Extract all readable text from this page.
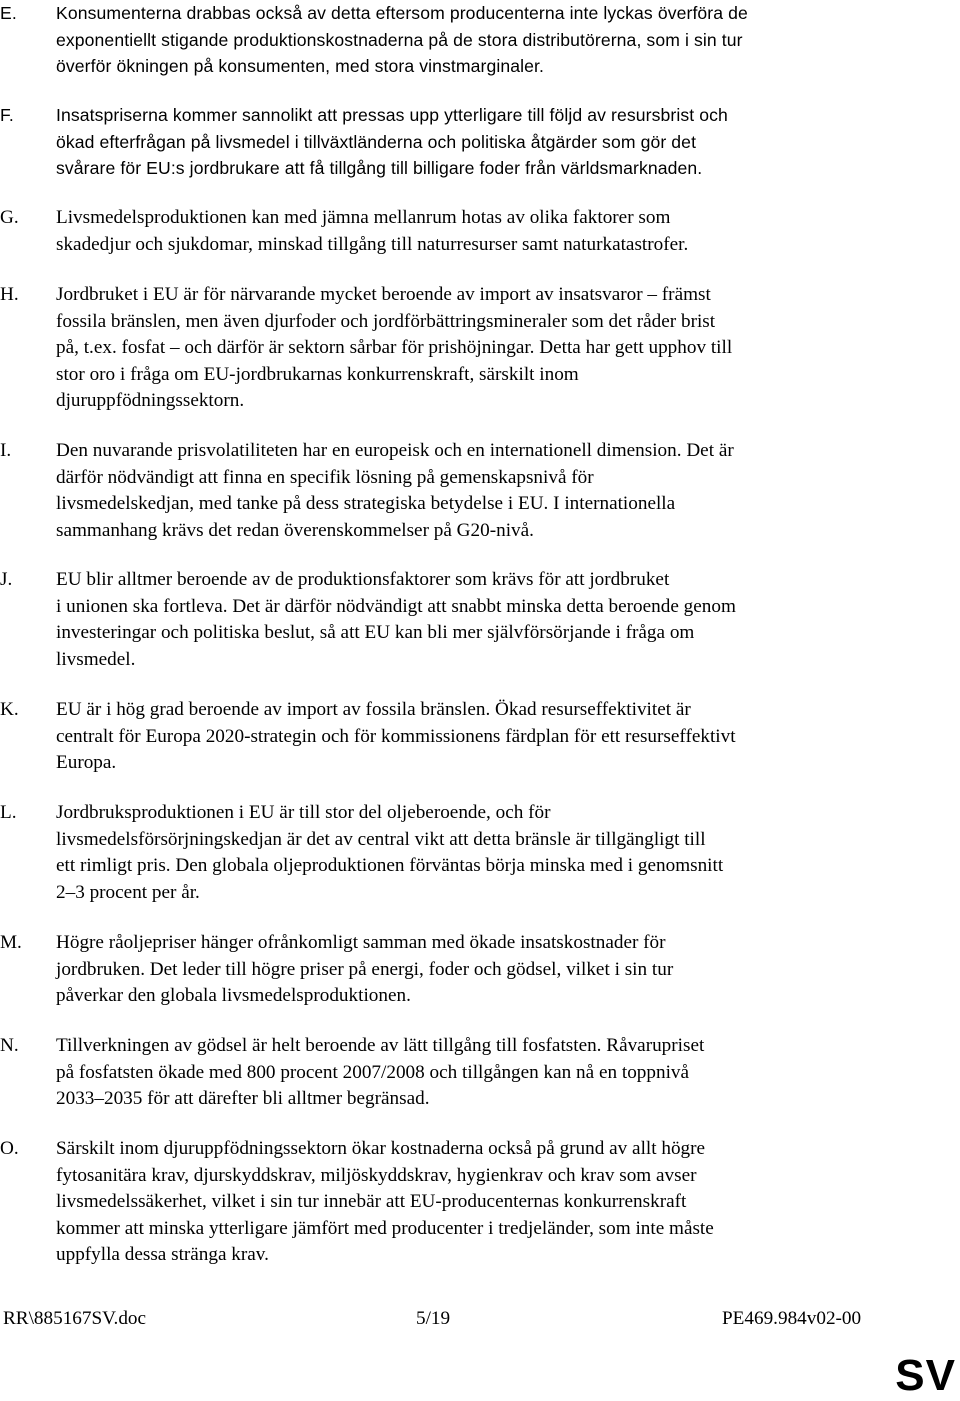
E.	Konsumenterna drabbas också av detta eftersom producenterna inte lyckas överföra de
exponentiellt stigande produktionskostnaderna på de stora distributörerna, som i sin tur
överför ökningen på konsumenten, med stora vinstmarginaler.
F.	Insatspriserna kommer sannolikt att pressas upp ytterligare till följd av resursbrist och
ökad efterfrågan på livsmedel i tillväxtländerna och politiska åtgärder som gör det
svårare för EU:s jordbrukare att få tillgång till billigare foder från världsmarknaden.
G.	Livsmedelsproduktionen kan med jämna mellanrum hotas av olika faktorer som
skadedjur och sjukdomar, minskad tillgång till naturresurser samt naturkatastrofer.
H.	Jordbruket i EU är för närvarande mycket beroende av import av insatsvaror – främst
fossila bränslen, men även djurfoder och jordförbättringsmineraler som det råder brist
på, t.ex. fosfat – och därför är sektorn sårbar för prishöjningar. Detta har gett upphov till
stor oro i fråga om EU-jordbrukarnas konkurrenskraft, särskilt inom
djuruppfödningssektorn.
I.	Den nuvarande prisvolatiliteten har en europeisk och en internationell dimension. Det är
därför nödvändigt att finna en specifik lösning på gemenskapsnivå för
livsmedelskedjan, med tanke på dess strategiska betydelse i EU. I internationella
sammanhang krävs det redan överenskommelser på G20-nivå.
J.	EU blir alltmer beroende av de produktionsfaktorer som krävs för att jordbruket
i unionen ska fortleva. Det är därför nödvändigt att snabbt minska detta beroende genom
investeringar och politiska beslut, så att EU kan bli mer självförsörjande i fråga om
livsmedel.
K.	EU är i hög grad beroende av import av fossila bränslen. Ökad resurseffektivitet är
centralt för Europa 2020-strategin och för kommissionens färdplan för ett resurseffektivt
Europa.
L.	Jordbruksproduktionen i EU är till stor del oljeberoende, och för
livsmedelsförsörjningskedjan är det av central vikt att detta bränsle är tillgängligt till
ett rimligt pris. Den globala oljeproduktionen förväntas börja minska med i genomsnitt
2–3 procent per år.
M.	Högre råoljepriser hänger ofrånkomligt samman med ökade insatskostnader för
jordbruken. Det leder till högre priser på energi, foder och gödsel, vilket i sin tur
påverkar den globala livsmedelsproduktionen.
N.	Tillverkningen av gödsel är helt beroende av lätt tillgång till fosfatsten. Råvarupriset
på fosfatsten ökade med 800 procent 2007/2008 och tillgången kan nå en toppnivå
2033–2035 för att därefter bli alltmer begränsad.
O.	Särskilt inom djuruppfödningssektorn ökar kostnaderna också på grund av allt högre
fytosanitära krav, djurskyddskrav, miljöskyddskrav, hygienkrav och krav som avser
livsmedelssäkerhet, vilket i sin tur innebär att EU-producenternas konkurrenskraft
kommer att minska ytterligare jämfört med producenter i tredjeländer, som inte måste
uppfylla dessa stränga krav.
RR\885167SV.doc	5/19	PE469.984v02-00
SV
